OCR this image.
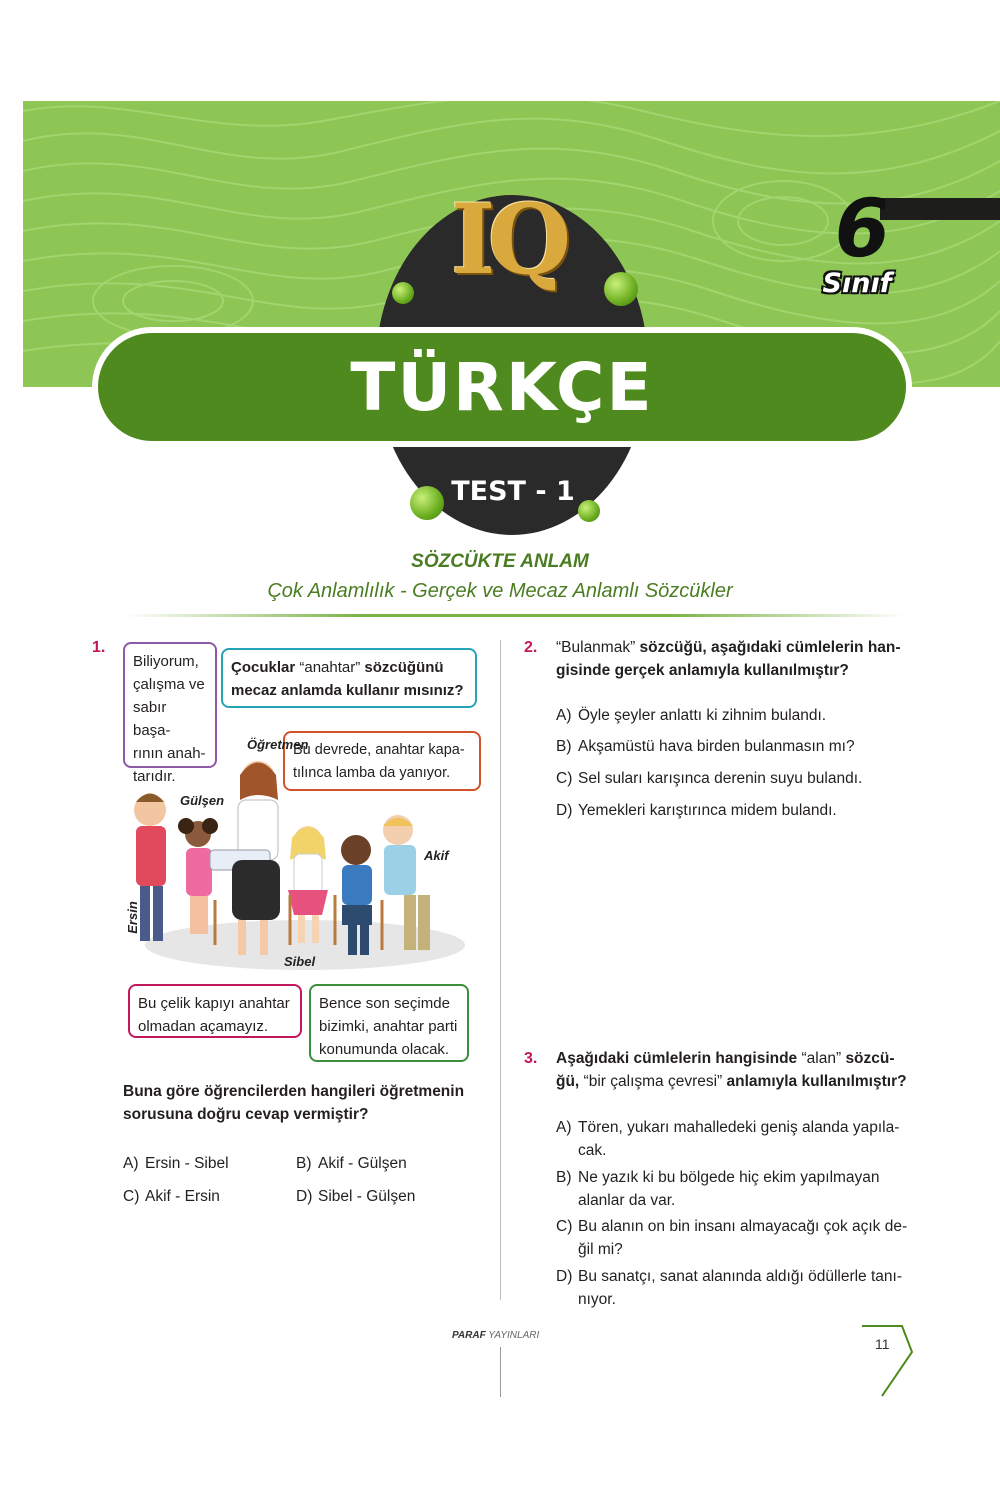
6
Sınıf
IQ
TÜRKÇE
TEST - 1
SÖZCÜKTE ANLAM
Çok Anlamlılık - Gerçek ve Mecaz Anlamlı Sözcükler
1.
Biliyorum,
çalışma ve
sabır başa-
rının anah-
tarıdır.
Çocuklar “anahtar” sözcüğünü
mecaz anlamda kullanır mısınız?
Bu devrede, anahtar kapa-
tılınca lamba da yanıyor.
Öğretmen
Gülşen
Akif
Ersin
Sibel
Bu çelik kapıyı anahtar
olmadan açamayız.
Bence son seçimde
bizimki, anahtar parti
konumunda olacak.
Buna göre öğrencilerden hangileri öğretmenin
sorusuna doğru cevap vermiştir?
A) Ersin - Sibel	B) Akif - Gülşen
C) Akif - Ersin	D) Sibel - Gülşen
2. “Bulanmak” sözcüğü, aşağıdaki cümlelerin han-
gisinde gerçek anlamıyla kullanılmıştır?
A) Öyle şeyler anlattı ki zihnim bulandı.
B) Akşamüstü hava birden bulanmasın mı?
C) Sel suları karışınca derenin suyu bulandı.
D) Yemekleri karıştırınca midem bulandı.
3. Aşağıdaki cümlelerin hangisinde “alan” sözcü-
ğü, “bir çalışma çevresi” anlamıyla kullanılmıştır?
A) Tören, yukarı mahalledeki geniş alanda yapıla-
cak.
B) Ne yazık ki bu bölgede hiç ekim yapılmayan
alanlar da var.
C) Bu alanın on bin insanı almayacağı çok açık de-
ğil mi?
D) Bu sanatçı, sanat alanında aldığı ödüllerle tanı-
nıyor.
PARAF YAYINLARI
11
